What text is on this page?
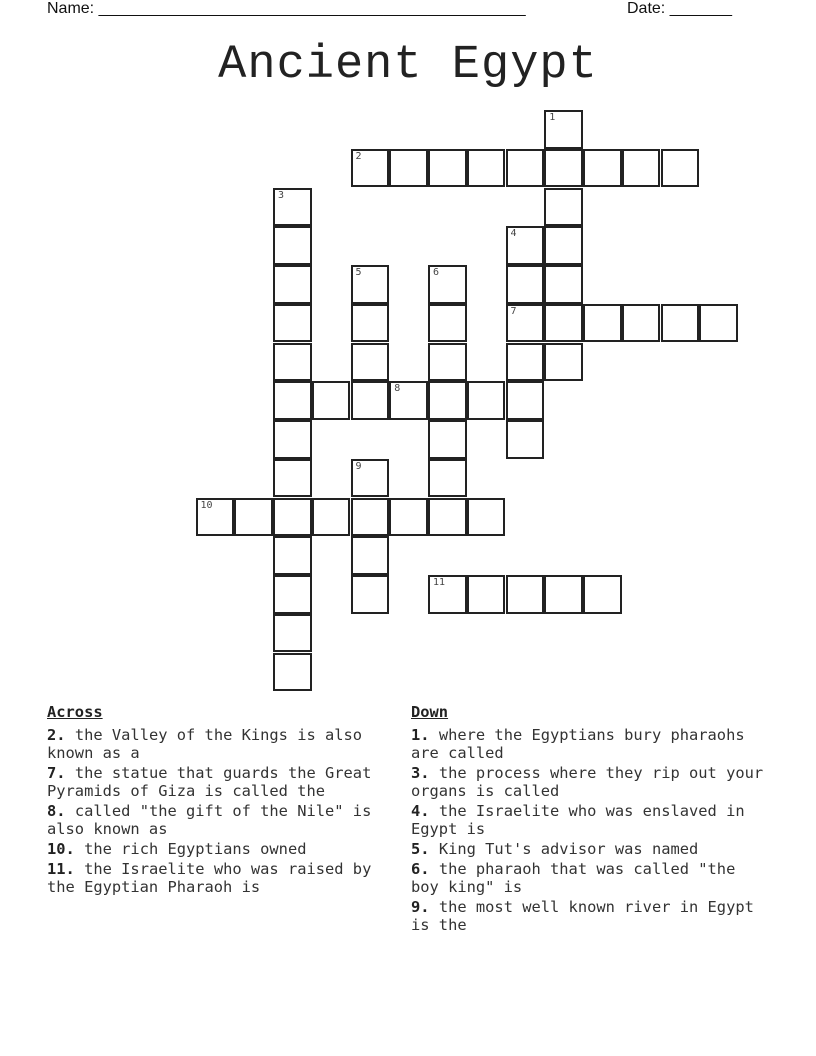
Name: ________________________________________________	Date: _______
Ancient Egypt
1
2
3
4
7
5	6
8
9
10
11
Across
2. the Valley of the Kings is also known as a
7. the statue that guards the Great Pyramids of Giza is called the
8. called "the gift of the Nile" is also known as
10. the rich Egyptians owned
11. the Israelite who was raised by the Egyptian Pharaoh is
Down
1. where the Egyptians bury pharaohs are called
3. the process where they rip out your organs is called
4. the Israelite who was enslaved in Egypt is
5. King Tut's advisor was named
6. the pharaoh that was called "the boy king" is
9. the most well known river in Egypt is the
